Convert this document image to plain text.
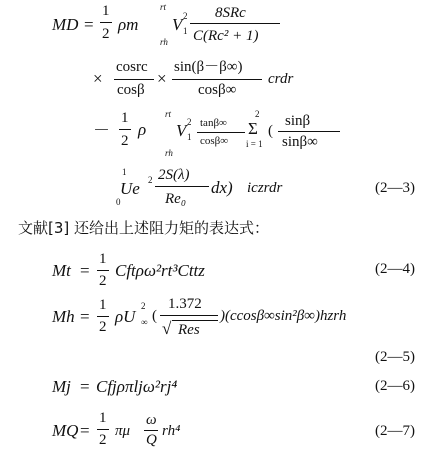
MD =
1
2 ρm
rt
rh
V 1
2 8SRc
C(Rc² + 1)
×
cosrc
cosβ
×
sin(β－β∞)
cosβ∞
crdr
－
1
2
ρ
rt
rh
V 1
2 tanβ∞
cosβ∞
2
Σ
i = 1
(
sinβ
sinβ∞
1
0
Ue 2 2S(λ)
Re₀
dx) iczrdr	(2—3)
文献[3] 还给出上述阻力矩的表达式：
Mt =
1
2
Cftρω²rt³Cttz	(2—4)
Mh =
1
2
ρU ∞
2
(
1.372
√ Res
)(ccosβ∞sin²β∞)hzrh
(2—5)
Mj = Cfjρπljω²rj⁴	(2—6)
MQ =
1
2
πμ
ω
Q
rh⁴	(2—7)
